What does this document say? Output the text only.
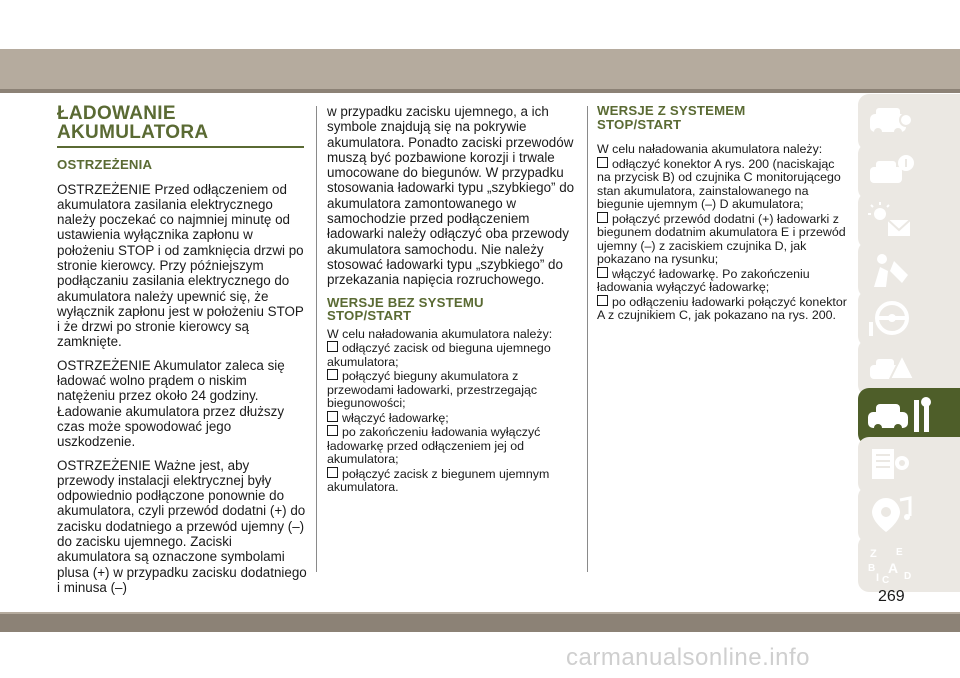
ŁADOWANIE
AKUMULATORA
OSTRZEŻENIA

OSTRZEŻENIE Przed odłączeniem od akumulatora zasilania elektrycznego należy poczekać co najmniej minutę od ustawienia wyłącznika zapłonu w położeniu STOP i od zamknięcia drzwi po stronie kierowcy. Przy późniejszym podłączaniu zasilania elektrycznego do akumulatora należy upewnić się, że wyłącznik zapłonu jest w położeniu STOP i że drzwi po stronie kierowcy są zamknięte.

OSTRZEŻENIE Akumulator zaleca się ładować wolno prądem o niskim natężeniu przez około 24 godziny. Ładowanie akumulatora przez dłuższy czas może spowodować jego uszkodzenie.

OSTRZEŻENIE Ważne jest, aby przewody instalacji elektrycznej były odpowiednio podłączone ponownie do akumulatora, czyli przewód dodatni (+) do zacisku dodatniego a przewód ujemny (–) do zacisku ujemnego. Zaciski akumulatora są oznaczone symbolami plusa (+) w przypadku zacisku dodatniego i minusa (–)

w przypadku zacisku ujemnego, a ich symbole znajdują się na pokrywie akumulatora. Ponadto zaciski przewodów muszą być pozbawione korozji i trwale umocowane do biegunów. W przypadku stosowania ładowarki typu „szybkiego” do akumulatora zamontowanego w samochodzie przed podłączeniem ładowarki należy odłączyć oba przewody akumulatora samochodu. Nie należy stosować ładowarki typu „szybkiego” do przekazania napięcia rozruchowego.

WERSJE BEZ SYSTEMU
STOP/START
W celu naładowania akumulatora należy:
odłączyć zacisk od bieguna ujemnego akumulatora;
połączyć bieguny akumulatora z przewodami ładowarki, przestrzegając biegunowości;
włączyć ładowarkę;
po zakończeniu ładowania wyłączyć ładowarkę przed odłączeniem jej od akumulatora;
połączyć zacisk z biegunem ujemnym akumulatora.
WERSJE Z SYSTEMEM
STOP/START
W celu naładowania akumulatora należy:
odłączyć konektor A rys. 200 (naciskając na przycisk B) od czujnika C monitorującego stan akumulatora, zainstalowanego na biegunie ujemnym (–) D akumulatora;
połączyć przewód dodatni (+) ładowarki z biegunem dodatnim akumulatora E i przewód ujemny (–) z zaciskiem czujnika D, jak pokazano na rysunku;
włączyć ładowarkę. Po zakończeniu ładowania wyłączyć ładowarkę;
po odłączeniu ładowarki połączyć konektor A z czujnikiem C, jak pokazano na rys. 200.
Z E
B A
I C D
269
carmanualsonline.info
